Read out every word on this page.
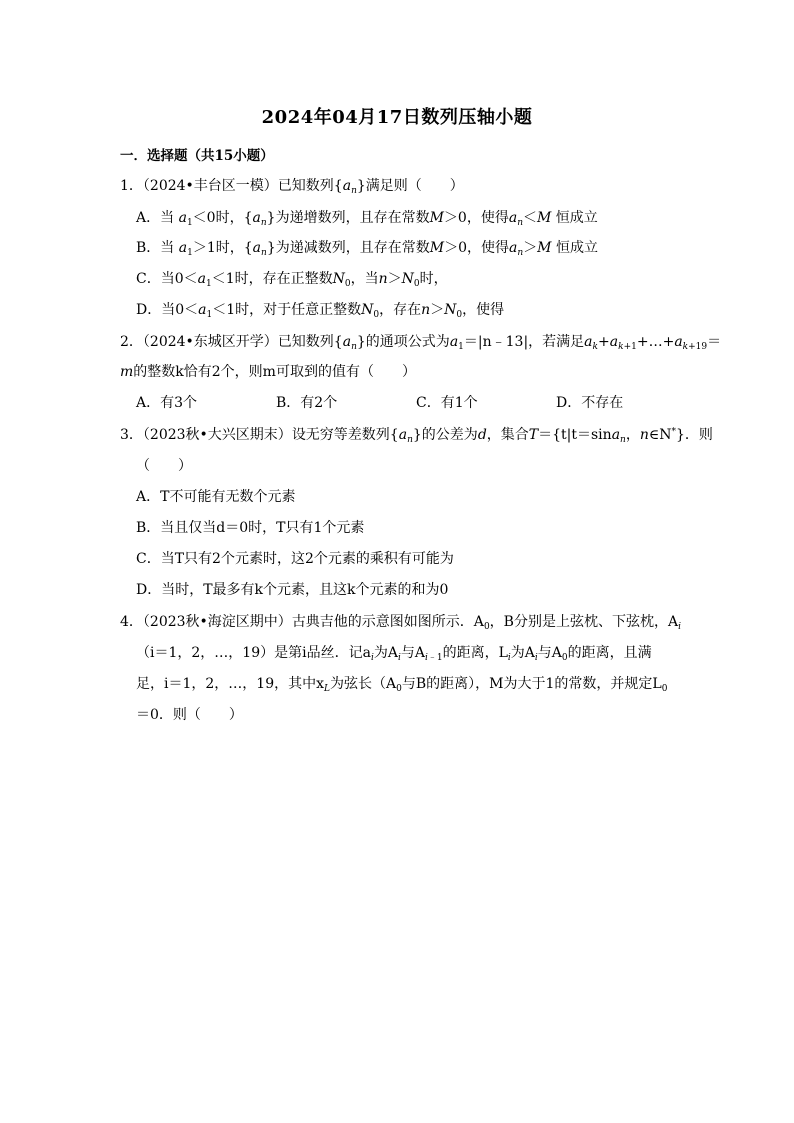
2024年04月17日数列压轴小题
一．选择题（共15小题）
1．（2024•丰台区一模）已知数列$\{a_n\}$满足则（　　）
A．当 $a_1<0$时，$\{a_n\}$为递增数列，且存在常数M＞0，使得$a_n<M$ 恒成立
B．当 $a_1>1$时，$\{a_n\}$为递减数列，且存在常数M＞0，使得$a_n>M$ 恒成立
C．当$0<a_1<1$时，存在正整数$N_0$，当$n>N_0$时，
D．当$0<a_1<1$时，对于任意正整数$N_0$，存在$n>N_0$，使得
2．（2024•东城区开学）已知数列$\{a_n\}$的通项公式为$a_1=|n﹣13|$，若满足$a_k+a_{k+1}+\dots+a_{k+19}=$
m的整数k恰有2个，则m可取到的值有（　　）
A．有3个	B．有2个	C．有1个	D．不存在
3．（2023秋•大兴区期末）设无穷等差数列$\{a_n\}$的公差为d，集合T＝{t|t＝sina$_n$，n∈N*}．则
（　　）
A．T不可能有无数个元素
B．当且仅当d＝0时，T只有1个元素
C．当T只有2个元素时，这2个元素的乘积有可能为
D．当时，T最多有k个元素，且这k个元素的和为0
4．（2023秋•海淀区期中）古典吉他的示意图如图所示．$A_0$，B分别是上弦枕、下弦枕，$A_i$
（i＝1，2，…，19）是第i品丝．记$a_i$为$A_i$与$A_{i﹣1}$的距离，$L_i$为$A_i$与$A_0$的距离，且满
足，i＝1，2，…，19，其中$x_L$为弦长（$A_0$与B的距离），M为大于1的常数，并规定$L_0$
＝0．则（　　）
